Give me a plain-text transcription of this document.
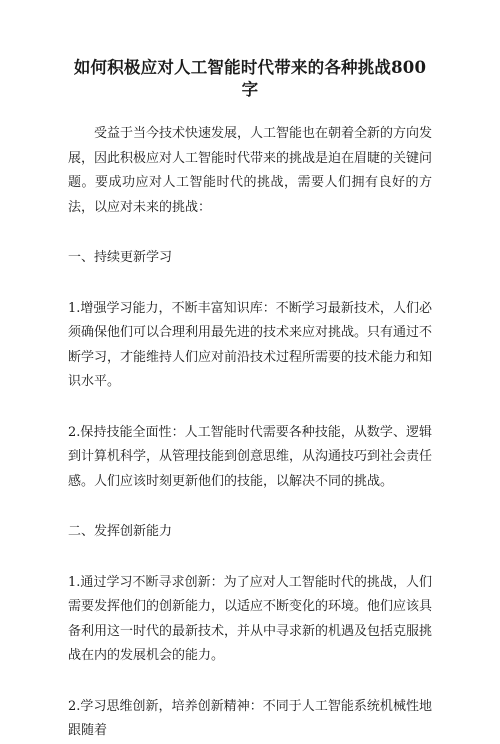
如何积极应对人工智能时代带来的各种挑战800字

受益于当今技术快速发展，人工智能也在朝着全新的方向发展，因此积极应对人工智能时代带来的挑战是迫在眉睫的关键问题。要成功应对人工智能时代的挑战，需要人们拥有良好的方法，以应对未来的挑战：

一、持续更新学习

1.增强学习能力，不断丰富知识库：不断学习最新技术，人们必须确保他们可以合理利用最先进的技术来应对挑战。只有通过不断学习，才能维持人们应对前沿技术过程所需要的技术能力和知识水平。

2.保持技能全面性：人工智能时代需要各种技能，从数学、逻辑到计算机科学，从管理技能到创意思维，从沟通技巧到社会责任感。人们应该时刻更新他们的技能，以解决不同的挑战。

二、发挥创新能力

1.通过学习不断寻求创新：为了应对人工智能时代的挑战，人们需要发挥他们的创新能力，以适应不断变化的环境。他们应该具备利用这一时代的最新技术，并从中寻求新的机遇及包括克服挑战在内的发展机会的能力。

2.学习思维创新，培养创新精神：不同于人工智能系统机械性地跟随着
